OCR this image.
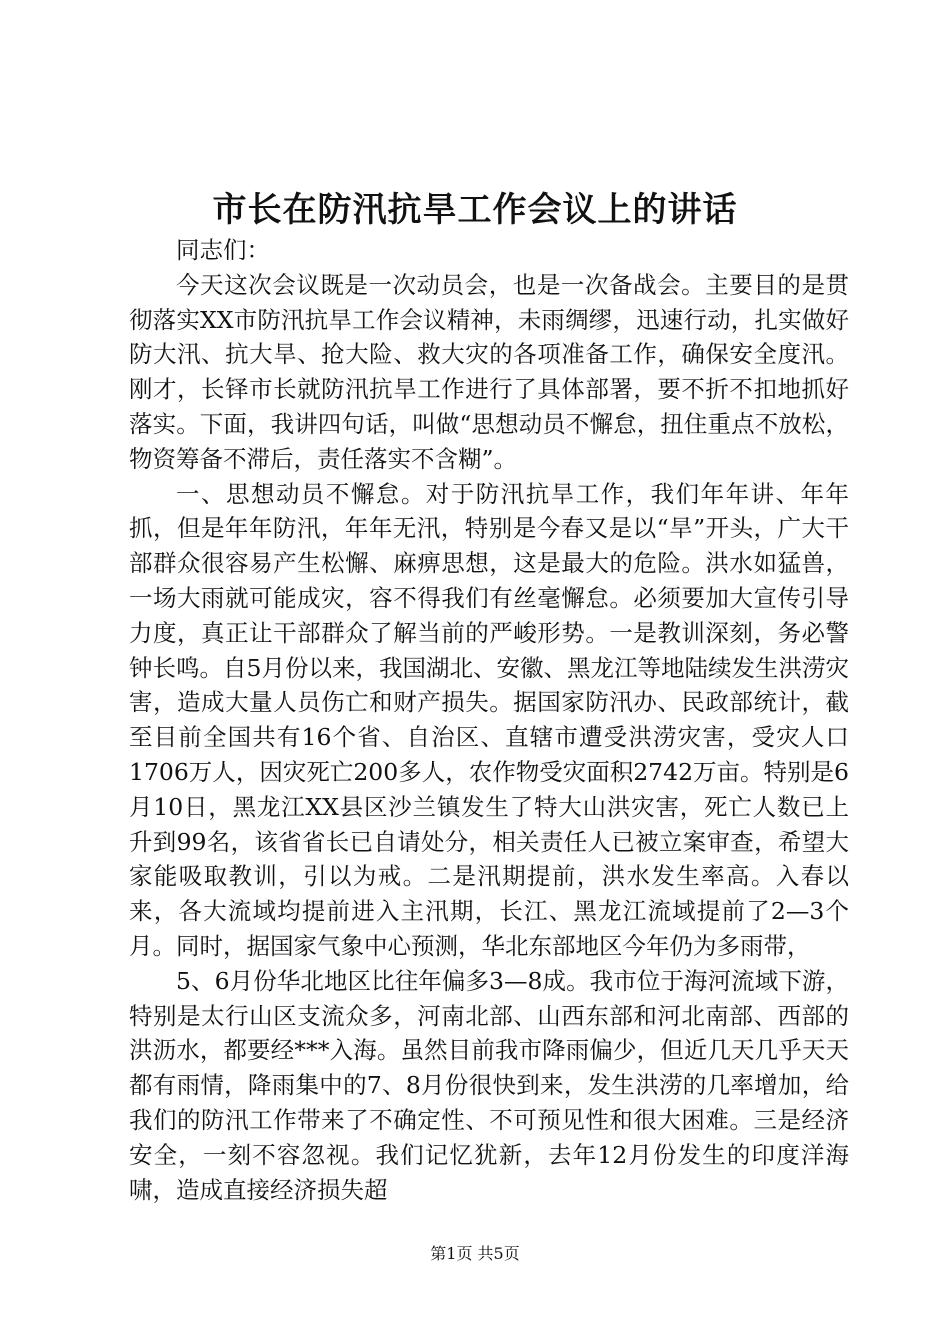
市长在防汛抗旱工作会议上的讲话

同志们：

今天这次会议既是一次动员会，也是一次备战会。主要目的是贯彻落实XX市防汛抗旱工作会议精神，未雨绸缪，迅速行动，扎实做好防大汛、抗大旱、抢大险、救大灾的各项准备工作，确保安全度汛。刚才，长铎市长就防汛抗旱工作进行了具体部署，要不折不扣地抓好落实。下面，我讲四句话，叫做“思想动员不懈怠，扭住重点不放松，物资筹备不滞后，责任落实不含糊”。

一、思想动员不懈怠。对于防汛抗旱工作，我们年年讲、年年抓，但是年年防汛，年年无汛，特别是今春又是以“旱”开头，广大干部群众很容易产生松懈、麻痹思想，这是最大的危险。洪水如猛兽，一场大雨就可能成灾，容不得我们有丝毫懈怠。必须要加大宣传引导力度，真正让干部群众了解当前的严峻形势。一是教训深刻，务必警钟长鸣。自5月份以来，我国湖北、安徽、黑龙江等地陆续发生洪涝灾害，造成大量人员伤亡和财产损失。据国家防汛办、民政部统计，截至目前全国共有16个省、自治区、直辖市遭受洪涝灾害，受灾人口1706万人，因灾死亡200多人，农作物受灾面积2742万亩。特别是6月10日，黑龙江XX县区沙兰镇发生了特大山洪灾害，死亡人数已上升到99名，该省省长已自请处分，相关责任人已被立案审查，希望大家能吸取教训，引以为戒。二是汛期提前，洪水发生率高。入春以来，各大流域均提前进入主汛期，长江、黑龙江流域提前了2—3个月。同时，据国家气象中心预测，华北东部地区今年仍为多雨带，

5、6月份华北地区比往年偏多3—8成。我市位于海河流域下游，特别是太行山区支流众多，河南北部、山西东部和河北南部、西部的洪沥水，都要经***入海。虽然目前我市降雨偏少，但近几天几乎天天都有雨情，降雨集中的7、8月份很快到来，发生洪涝的几率增加，给我们的防汛工作带来了不确定性、不可预见性和很大困难。三是经济安全，一刻不容忽视。我们记忆犹新，去年12月份发生的印度洋海啸，造成直接经济损失超

第1页 共5页
